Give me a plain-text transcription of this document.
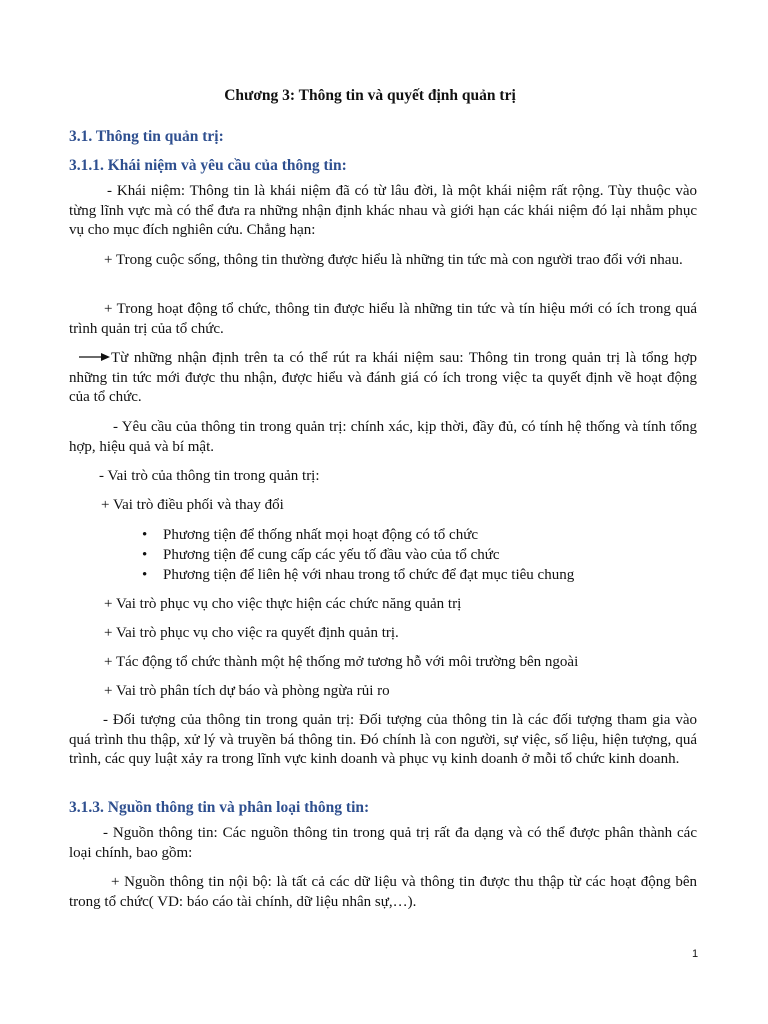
Chương 3: Thông tin và quyết định quản trị
3.1. Thông tin quản trị:
3.1.1. Khái niệm và yêu cầu của thông tin:
- Khái niệm: Thông tin là khái niệm đã có từ lâu đời, là một khái niệm rất rộng. Tùy thuộc vào từng lĩnh vực mà có thể đưa ra những nhận định khác nhau và giới hạn các khái niệm đó lại nhằm phục vụ cho mục đích nghiên cứu. Chẳng hạn:
+ Trong cuộc sống, thông tin thường được hiểu là những tin tức mà con người trao đổi với nhau.
+ Trong hoạt động tổ chức, thông tin được hiểu là những tin tức và tín hiệu mới có ích trong quá trình quản trị của tổ chức.
Từ những nhận định trên ta có thể rút ra khái niệm sau: Thông tin trong quản trị là tổng hợp những tin tức mới được thu nhận, được hiểu và đánh giá có ích trong việc ta quyết định về hoạt động của tổ chức.
- Yêu cầu của thông tin trong quản trị: chính xác, kịp thời, đầy đủ, có tính hệ thống và tính tổng hợp, hiệu quả và bí mật.
- Vai trò của thông tin trong quản trị:
+ Vai trò điều phối và thay đổi
• Phương tiện để thống nhất mọi hoạt động có tổ chức
• Phương tiện để cung cấp các yếu tố đầu vào của tổ chức
• Phương tiện để liên hệ với nhau trong tổ chức để đạt mục tiêu chung
+ Vai trò phục vụ cho việc thực hiện các chức năng quản trị
+ Vai trò phục vụ cho việc ra quyết định quản trị.
+ Tác động tổ chức thành một hệ thống mở tương hỗ với môi trường bên ngoài
+ Vai trò phân tích dự báo và phòng ngừa rủi ro
- Đối tượng của thông tin trong quản trị: Đối tượng của thông tin là các đối tượng tham gia vào quá trình thu thập, xử lý và truyền bá thông tin. Đó chính là con người, sự việc, số liệu, hiện tượng, quá trình, các quy luật xảy ra trong lĩnh vực kinh doanh và phục vụ kinh doanh ở mỗi tổ chức kinh doanh.
3.1.3. Nguồn thông tin và phân loại thông tin:
- Nguồn thông tin: Các nguồn thông tin trong quả trị rất đa dạng và có thể được phân thành các loại chính, bao gồm:
+ Nguồn thông tin nội bộ: là tất cả các dữ liệu và thông tin được thu thập từ các hoạt động bên trong tổ chức( VD: báo cáo tài chính, dữ liệu nhân sự,…).
1
